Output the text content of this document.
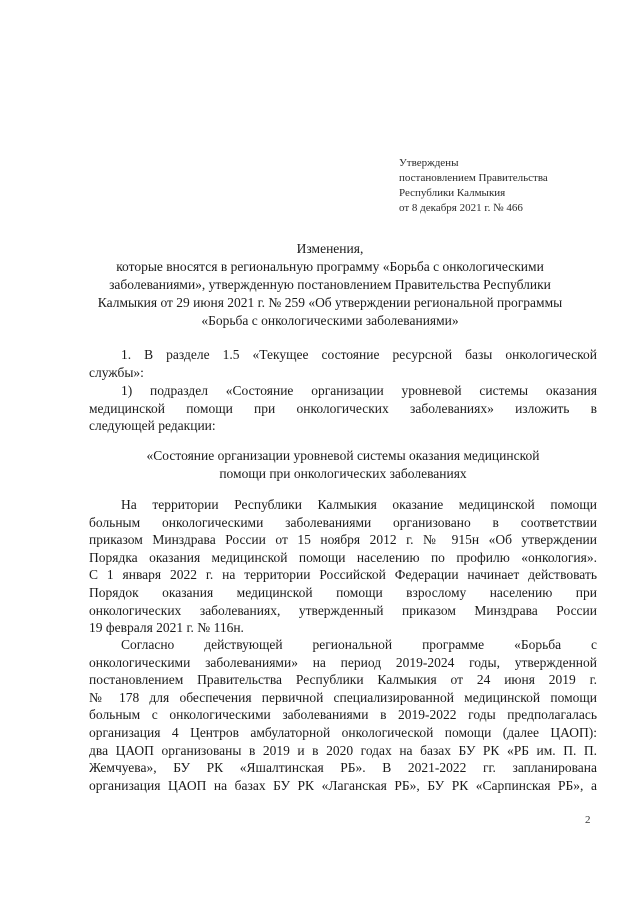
Утверждены
постановлением Правительства
Республики Калмыкия
от 8 декабря 2021 г. № 466
Изменения,
которые вносятся в региональную программу «Борьба с онкологическими
заболеваниями», утвержденную постановлением Правительства Республики
Калмыкия от 29 июня 2021 г. № 259 «Об утверждении региональной программы
«Борьба с онкологическими заболеваниями»
1. В разделе 1.5 «Текущее состояние ресурсной базы онкологической
службы»:
1) подраздел «Состояние организации уровневой системы оказания
медицинской помощи при онкологических заболеваниях» изложить в
следующей редакции:
«Состояние организации уровневой системы оказания медицинской
помощи при онкологических заболеваниях
На территории Республики Калмыкия оказание медицинской помощи
больным онкологическими заболеваниями организовано в соответствии
приказом Минздрава России от 15 ноября 2012 г. № 915н «Об утверждении
Порядка оказания медицинской помощи населению по профилю «онкология».
С 1 января 2022 г. на территории Российской Федерации начинает действовать
Порядок оказания медицинской помощи взрослому населению при
онкологических заболеваниях, утвержденный приказом Минздрава России
19 февраля 2021 г. № 116н.
Согласно действующей региональной программе «Борьба с
онкологическими заболеваниями» на период 2019-2024 годы, утвержденной
постановлением Правительства Республики Калмыкия от 24 июня 2019 г.
№ 178 для обеспечения первичной специализированной медицинской помощи
больным с онкологическими заболеваниями в 2019-2022 годы предполагалась
организация 4 Центров амбулаторной онкологической помощи (далее ЦАОП):
два ЦАОП организованы в 2019 и в 2020 годах на базах БУ РК «РБ им. П. П.
Жемчуева», БУ РК «Яшалтинская РБ». В 2021-2022 гг. запланирована
организация ЦАОП на базах БУ РК «Лаганская РБ», БУ РК «Сарпинская РБ», а
2
